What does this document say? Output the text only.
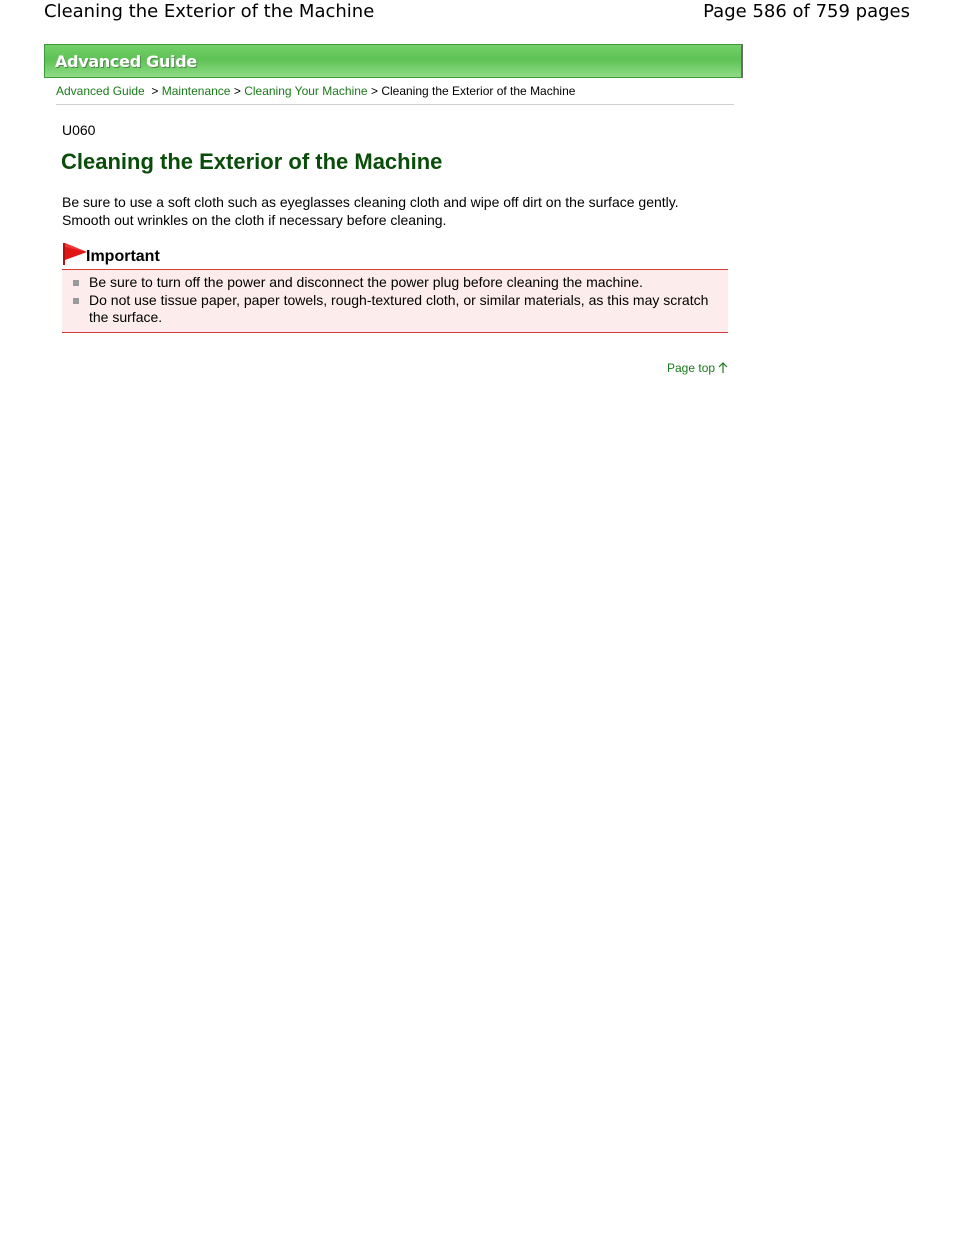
Cleaning the Exterior of the Machine	Page 586 of 759 pages
Advanced Guide
Advanced Guide > Maintenance > Cleaning Your Machine > Cleaning the Exterior of the Machine
U060
Cleaning the Exterior of the Machine

Be sure to use a soft cloth such as eyeglasses cleaning cloth and wipe off dirt on the surface gently.

Smooth out wrinkles on the cloth if necessary before cleaning.

Important
Be sure to turn off the power and disconnect the power plug before cleaning the machine.
Do not use tissue paper, paper towels, rough-textured cloth, or similar materials, as this may scratch the surface.
Page top
